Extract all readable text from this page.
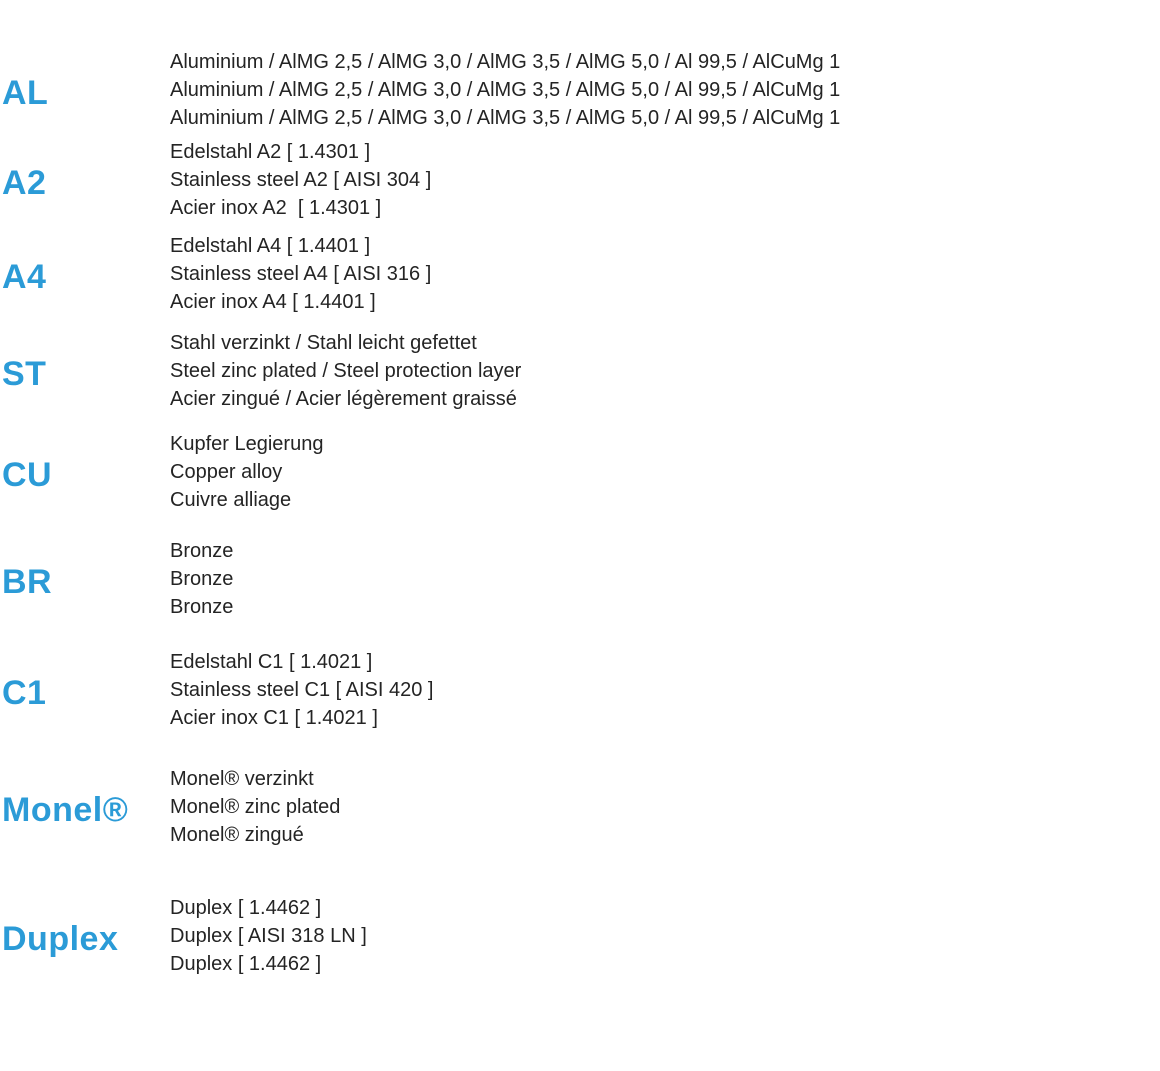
AL
Aluminium / AlMG 2,5 / AlMG 3,0 / AlMG 3,5 / AlMG 5,0 / Al 99,5 / AlCuMg 1
Aluminium / AlMG 2,5 / AlMG 3,0 / AlMG 3,5 / AlMG 5,0 / Al 99,5 / AlCuMg 1
Aluminium / AlMG 2,5 / AlMG 3,0 / AlMG 3,5 / AlMG 5,0 / Al 99,5 / AlCuMg 1
A2
Edelstahl A2 [ 1.4301 ]
Stainless steel A2 [ AISI 304 ]
Acier inox A2  [ 1.4301 ]
A4
Edelstahl A4 [ 1.4401 ]
Stainless steel A4 [ AISI 316 ]
Acier inox A4 [ 1.4401 ]
ST
Stahl verzinkt / Stahl leicht gefettet
Steel zinc plated / Steel protection layer
Acier zingué / Acier légèrement graissé
CU
Kupfer Legierung
Copper alloy
Cuivre alliage
BR
Bronze
Bronze
Bronze
C1
Edelstahl C1 [ 1.4021 ]
Stainless steel C1 [ AISI 420 ]
Acier inox C1 [ 1.4021 ]
Monel®
Monel® verzinkt
Monel® zinc plated
Monel® zingué
Duplex
Duplex [ 1.4462 ]
Duplex [ AISI 318 LN ]
Duplex [ 1.4462 ]
